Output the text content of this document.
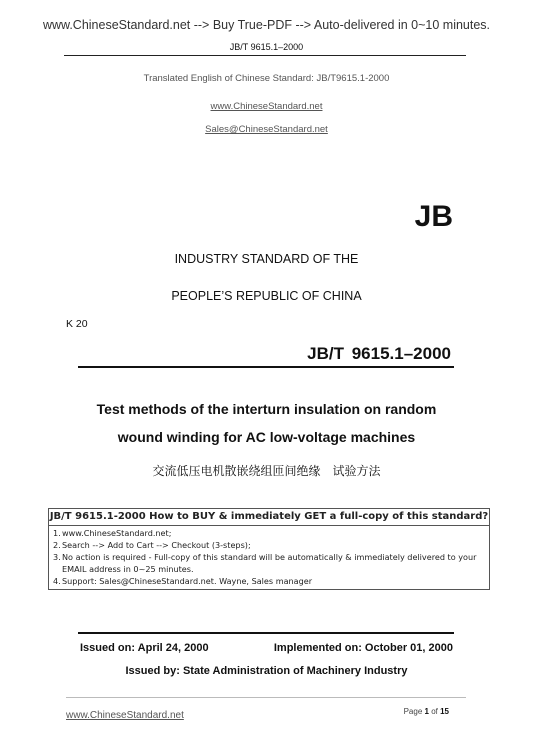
www.ChineseStandard.net --> Buy True-PDF --> Auto-delivered in 0~10 minutes.
JB/T 9615.1–2000
Translated English of Chinese Standard: JB/T9615.1-2000
www.ChineseStandard.net
Sales@ChineseStandard.net
JB
INDUSTRY STANDARD OF THE
PEOPLE’S REPUBLIC OF CHINA
K 20
JB/T 9615.1–2000
Test methods of the interturn insulation on random
wound winding for AC low-voltage machines
交流低压电机散嵌绕组匝间绝缘　试验方法
JB/T 9615.1-2000 How to BUY & immediately GET a full-copy of this standard?
1. www.ChineseStandard.net;
2. Search --> Add to Cart --> Checkout (3-steps);
3. No action is required - Full-copy of this standard will be automatically & immediately delivered to your EMAIL address in 0~25 minutes.
4. Support: Sales@ChineseStandard.net. Wayne, Sales manager
Issued on: April 24, 2000	Implemented on: October 01, 2000
Issued by: State Administration of Machinery Industry
www.ChineseStandard.net	Page 1 of 15
